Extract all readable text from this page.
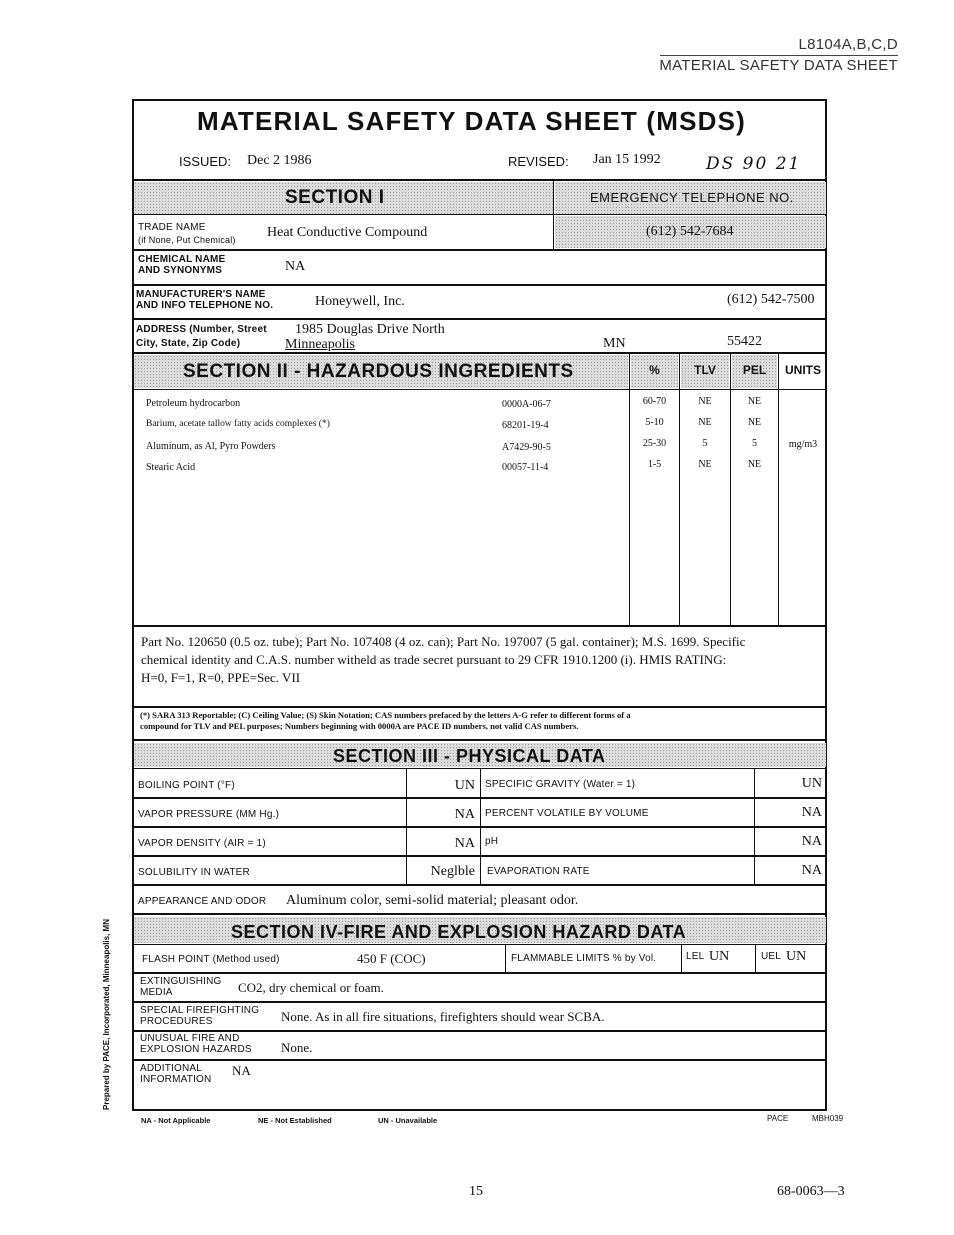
L8104A,B,C,D
MATERIAL SAFETY DATA SHEET
MATERIAL SAFETY DATA SHEET (MSDS)
ISSUED: Dec 2 1986	REVISED: Jan 15 1992	DS 90 21
SECTION I	EMERGENCY TELEPHONE NO.
TRADE NAME
(if None, Put Chemical) Heat Conductive Compound	(612) 542-7684
CHEMICAL NAME
AND SYNONYMS	NA
MANUFACTURER'S NAME
AND INFO TELEPHONE NO.	Honeywell, Inc.	(612) 542-7500
ADDRESS (Number, Street
City, State, Zip Code)
1985 Douglas Drive North
Minneapolis	MN	55422
SECTION II - HAZARDOUS INGREDIENTS	%	TLV	PEL	UNITS
Petroleum hydrocarbon	0000A-06-7	60-70	NE	NE
Barium, acetate tallow fatty acids complexes (*)	68201-19-4	5-10	NE	NE
Aluminum, as Al, Pyro Powders	A7429-90-5	25-30	5	5	mg/m3
Stearic Acid	00057-11-4	1-5	NE	NE
Part No. 120650 (0.5 oz. tube); Part No. 107408 (4 oz. can); Part No. 197007 (5 gal. container); M.S. 1699. Specific
chemical identity and C.A.S. number witheld as trade secret pursuant to 29 CFR 1910.1200 (i). HMIS RATING:
H=0, F=1, R=0, PPE=Sec. VII
(*) SARA 313 Reportable; (C) Ceiling Value; (S) Skin Notation; CAS numbers prefaced by the letters A-G refer to different forms of a
compound for TLV and PEL purposes; Numbers beginning with 0000A are PACE ID numbers, not valid CAS numbers.
SECTION III - PHYSICAL DATA
BOILING POINT (°F)	UN SPECIFIC GRAVITY (Water = 1)	UN
VAPOR PRESSURE (MM Hg.)	NA PERCENT VOLATILE BY VOLUME	NA
VAPOR DENSITY (AIR = 1)	NA pH	NA
SOLUBILITY IN WATER	Neglble EVAPORATION RATE	NA
APPEARANCE AND ODOR Aluminum color, semi-solid material; pleasant odor.
SECTION IV-FIRE AND EXPLOSION HAZARD DATA
FLASH POINT (Method used)	450 F (COC)	FLAMMABLE LIMITS % by Vol.	LEL UN	UEL UN
EXTINGUISHING
MEDIA	CO2, dry chemical or foam.
SPECIAL FIREFIGHTING
PROCEDURES	None. As in all fire situations, firefighters should wear SCBA.
UNUSUAL FIRE AND
EXPLOSION HAZARDS None.
ADDITIONAL
INFORMATION
NA
NA - Not Applicable	NE - Not Established	UN - Unavailable	PACE	MBH039
Prepared by PACE, Incorporated, Minneapolis, MN
15	68-0063—3
